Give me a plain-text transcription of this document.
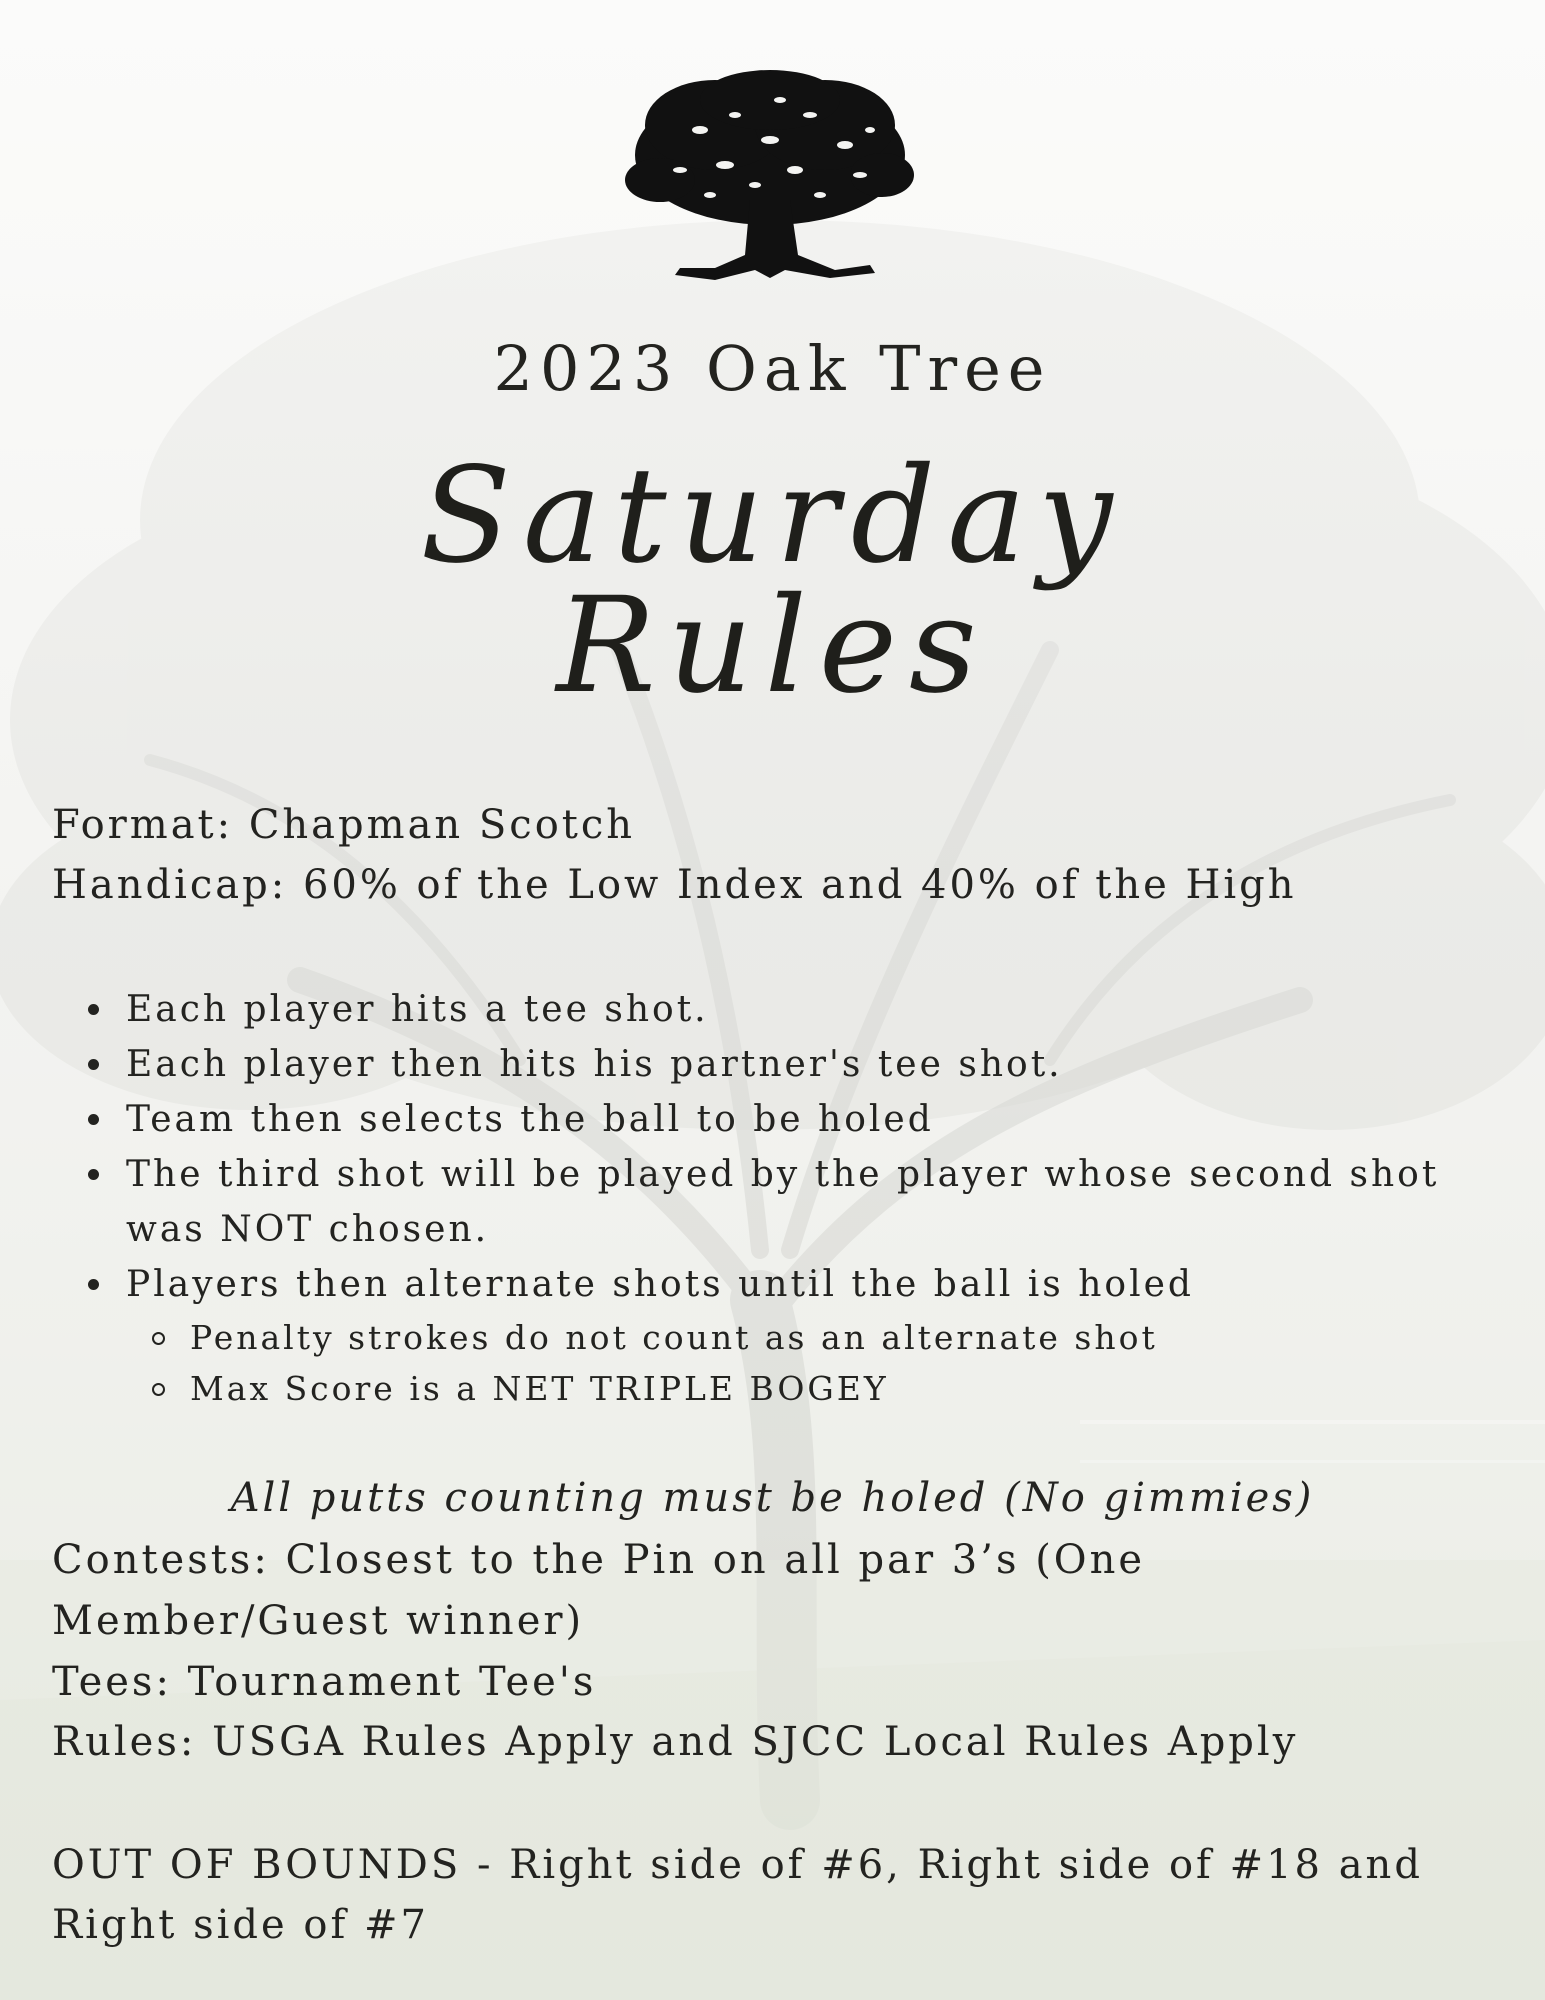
2023 Oak Tree
Saturday
Rules
Format: Chapman Scotch
Handicap: 60% of the Low Index and 40% of the High
Each player hits a tee shot.
Each player then hits his partner's tee shot.
Team then selects the ball to be holed
The third shot will be played by the player whose second shot was NOT chosen.
Players then alternate shots until the ball is holed
Penalty strokes do not count as an alternate shot
Max Score is a NET TRIPLE BOGEY
All putts counting must be holed (No gimmies)
Contests: Closest to the Pin on all par 3’s (One
Member/Guest winner)
Tees: Tournament Tee's
Rules: USGA Rules Apply and SJCC Local Rules Apply
OUT OF BOUNDS - Right side of #6, Right side of #18 and
Right side of #7
